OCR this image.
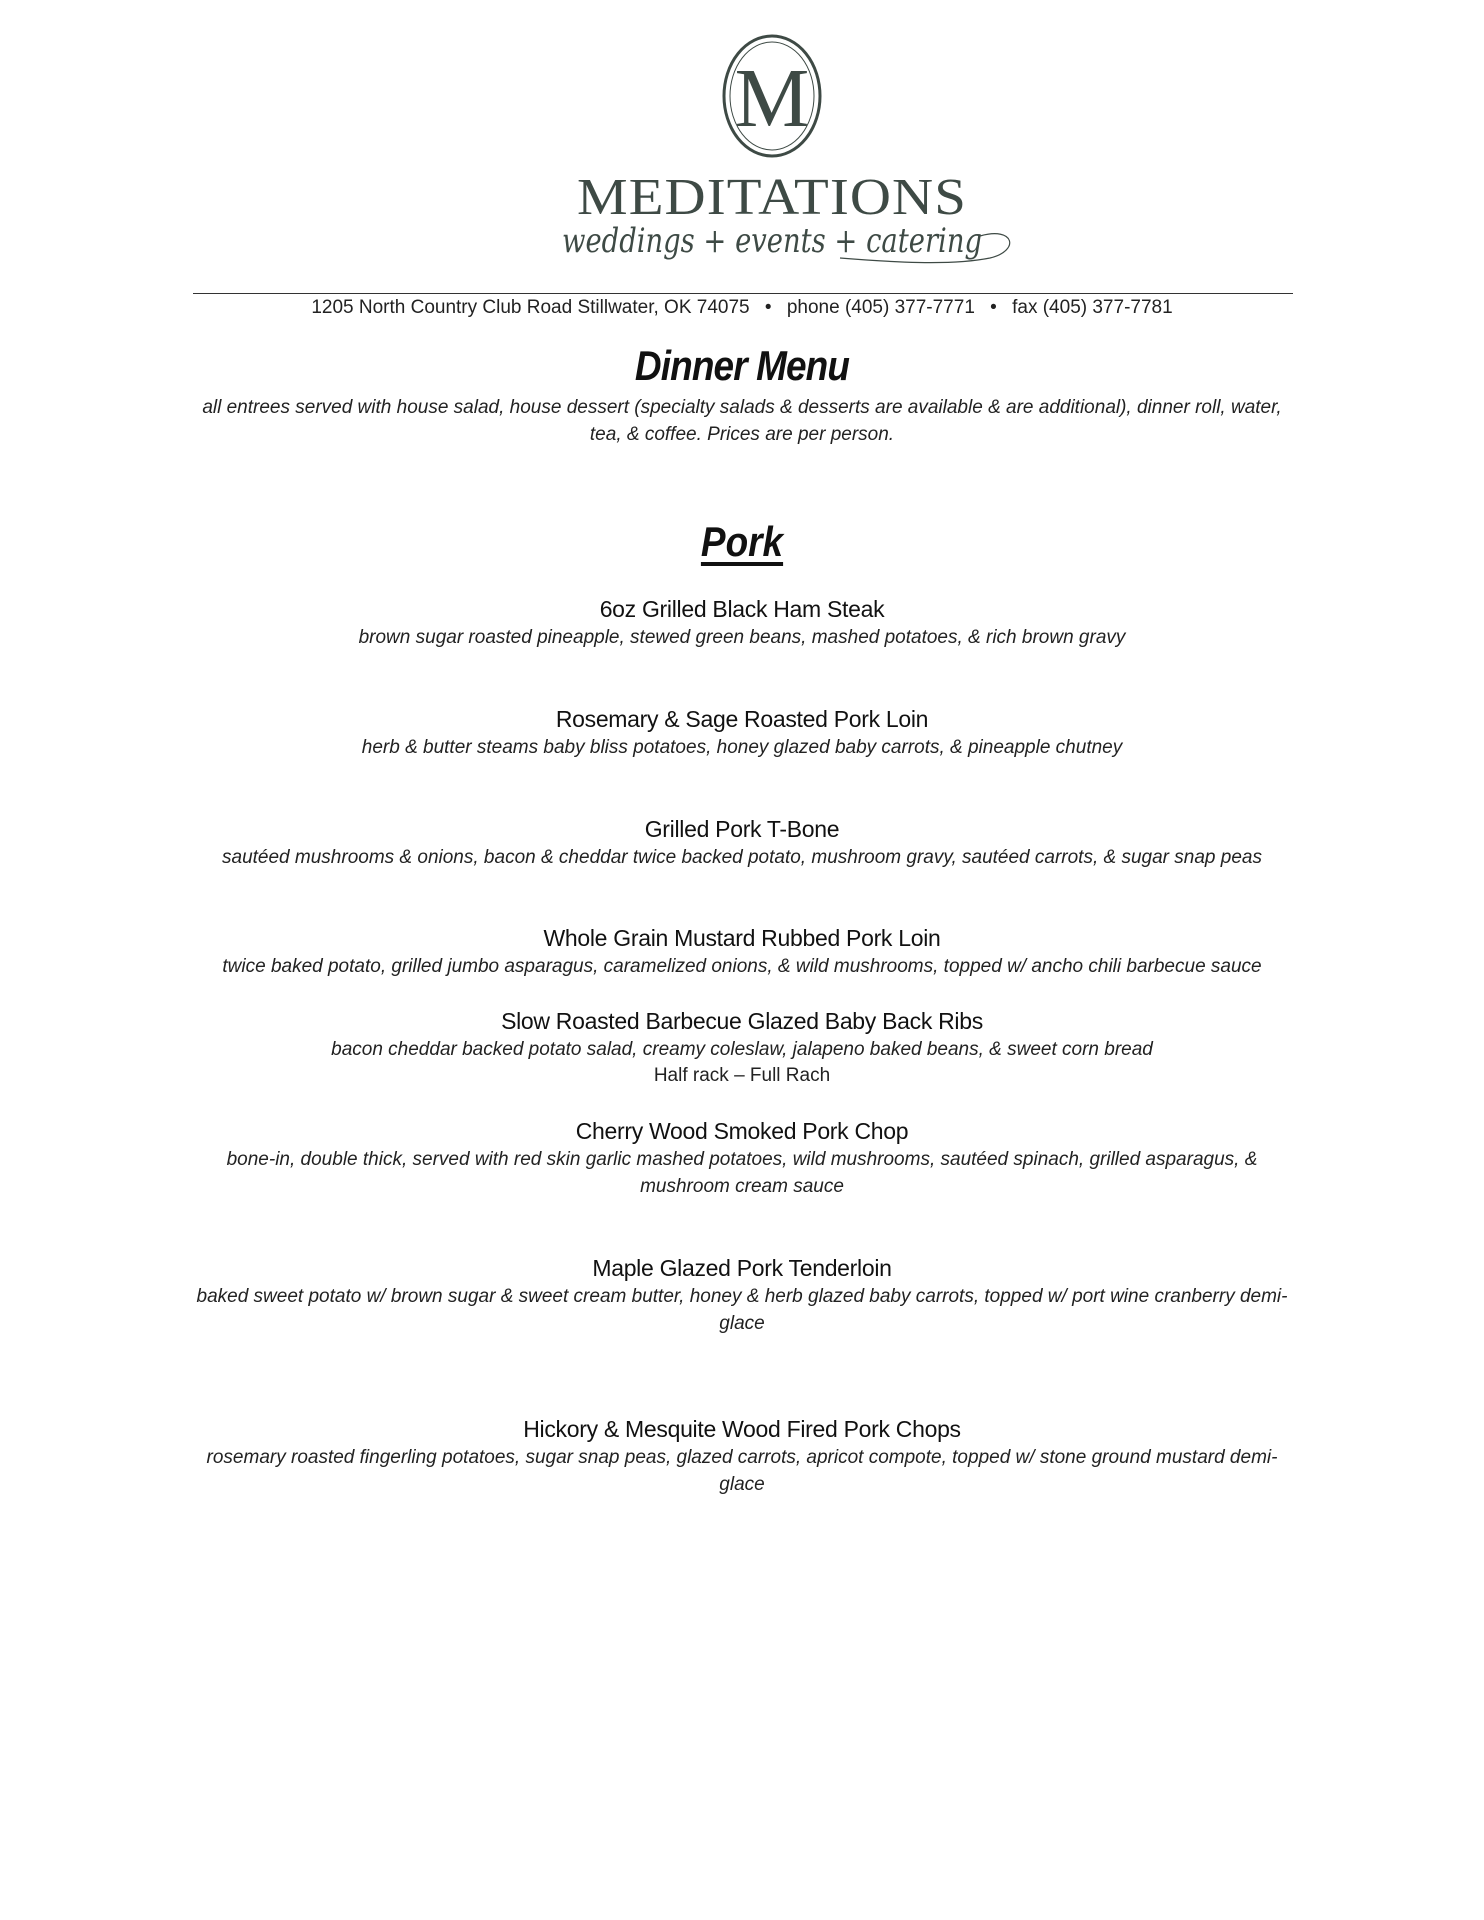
M
MEDITATIONS
weddings + events + catering
1205 North Country Club Road Stillwater, OK 74075 • phone (405) 377-7771 • fax (405) 377-7781
Dinner Menu
all entrees served with house salad, house dessert (specialty salads & desserts are available & are additional), dinner roll, water, tea, & coffee. Prices are per person.
Pork
6oz Grilled Black Ham Steak
brown sugar roasted pineapple, stewed green beans, mashed potatoes, & rich brown gravy
Rosemary & Sage Roasted Pork Loin
herb & butter steams baby bliss potatoes, honey glazed baby carrots, & pineapple chutney
Grilled Pork T-Bone
sautéed mushrooms & onions, bacon & cheddar twice backed potato, mushroom gravy, sautéed carrots, & sugar snap peas
Whole Grain Mustard Rubbed Pork Loin
twice baked potato, grilled jumbo asparagus, caramelized onions, & wild mushrooms, topped w/ ancho chili barbecue sauce
Slow Roasted Barbecue Glazed Baby Back Ribs
bacon cheddar backed potato salad, creamy coleslaw, jalapeno baked beans, & sweet corn bread
Half rack – Full Rach
Cherry Wood Smoked Pork Chop
bone-in, double thick, served with red skin garlic mashed potatoes, wild mushrooms, sautéed spinach, grilled asparagus, & mushroom cream sauce
Maple Glazed Pork Tenderloin
baked sweet potato w/ brown sugar & sweet cream butter, honey & herb glazed baby carrots, topped w/ port wine cranberry demi-glace
Hickory & Mesquite Wood Fired Pork Chops
rosemary roasted fingerling potatoes, sugar snap peas, glazed carrots, apricot compote, topped w/ stone ground mustard demi-glace
